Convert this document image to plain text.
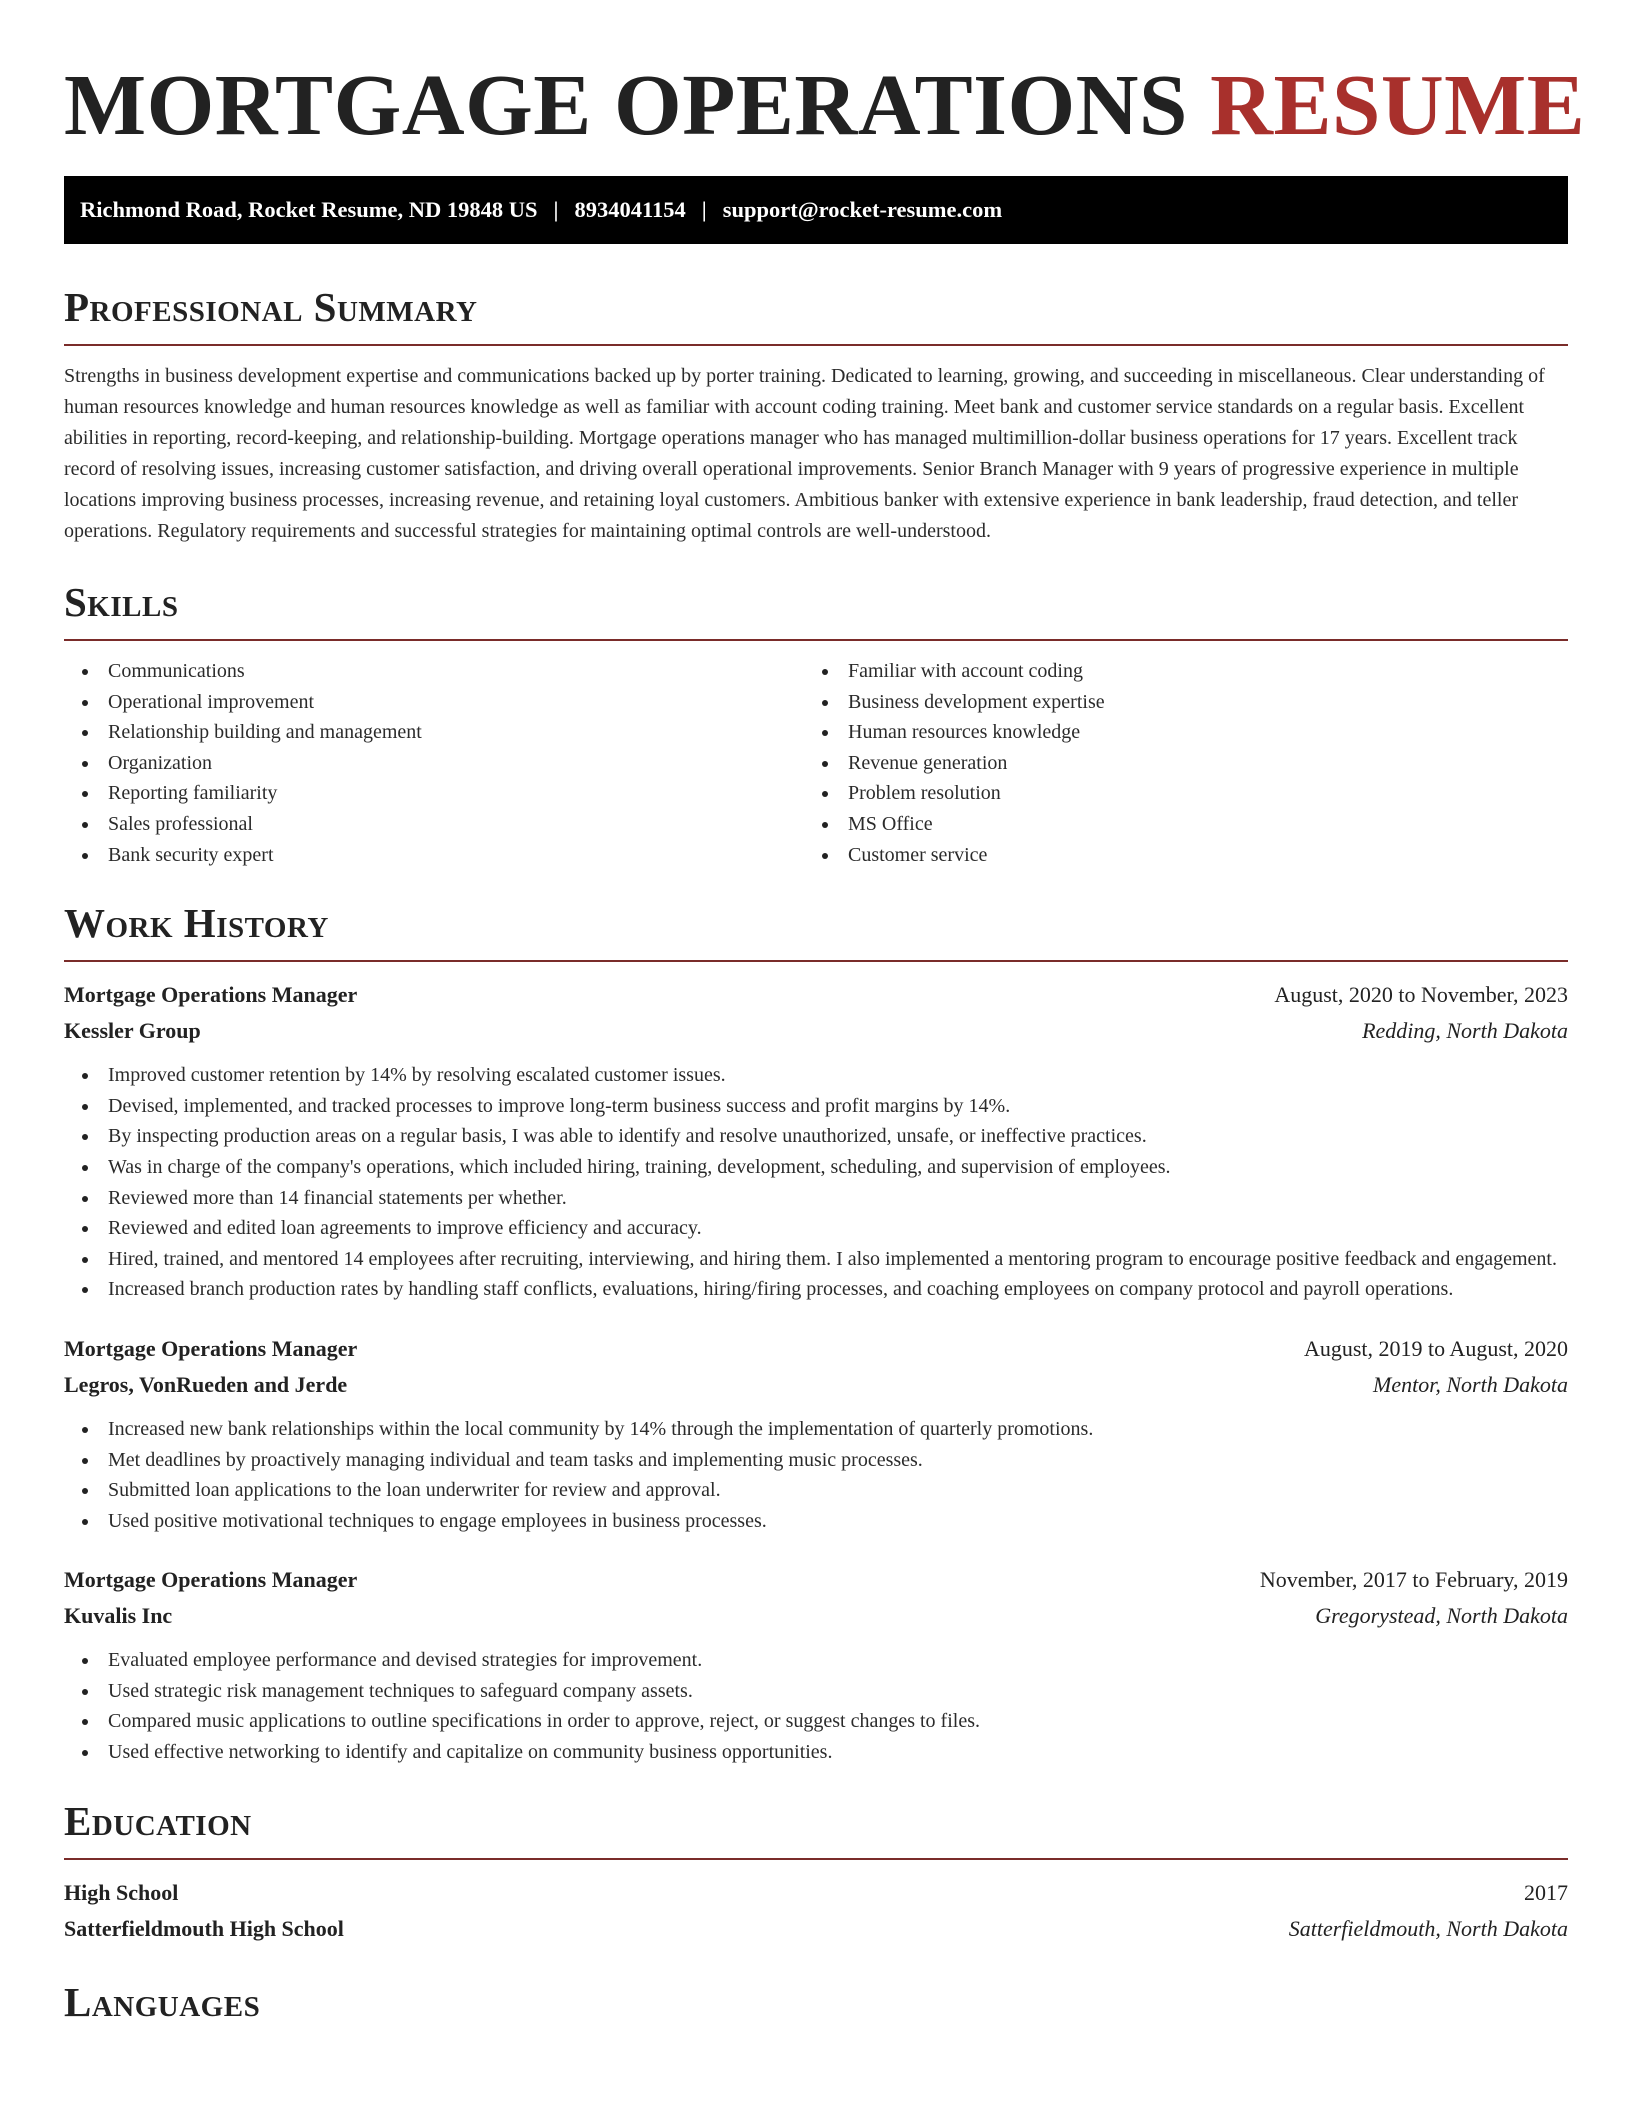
MORTGAGE OPERATIONS RESUME
Richmond Road, Rocket Resume, ND 19848 US | 8934041154 | support@rocket-resume.com
Professional Summary

Strengths in business development expertise and communications backed up by porter training. Dedicated to learning, growing, and succeeding in miscellaneous. Clear understanding of human resources knowledge and human resources knowledge as well as familiar with account coding training. Meet bank and customer service standards on a regular basis. Excellent abilities in reporting, record-keeping, and relationship-building. Mortgage operations manager who has managed multimillion-dollar business operations for 17 years. Excellent track record of resolving issues, increasing customer satisfaction, and driving overall operational improvements. Senior Branch Manager with 9 years of progressive experience in multiple locations improving business processes, increasing revenue, and retaining loyal customers. Ambitious banker with extensive experience in bank leadership, fraud detection, and teller operations. Regulatory requirements and successful strategies for maintaining optimal controls are well-understood.

Skills
Communications
Operational improvement
Relationship building and management
Organization
Reporting familiarity
Sales professional
Bank security expert
Familiar with account coding
Business development expertise
Human resources knowledge
Revenue generation
Problem resolution
MS Office
Customer service
Work History
Mortgage Operations Manager	August, 2020 to November, 2023
Kessler Group	Redding, North Dakota
Improved customer retention by 14% by resolving escalated customer issues.
Devised, implemented, and tracked processes to improve long-term business success and profit margins by 14%.
By inspecting production areas on a regular basis, I was able to identify and resolve unauthorized, unsafe, or ineffective practices.
Was in charge of the company's operations, which included hiring, training, development, scheduling, and supervision of employees.
Reviewed more than 14 financial statements per whether.
Reviewed and edited loan agreements to improve efficiency and accuracy.
Hired, trained, and mentored 14 employees after recruiting, interviewing, and hiring them. I also implemented a mentoring program to encourage positive feedback and engagement.
Increased branch production rates by handling staff conflicts, evaluations, hiring/firing processes, and coaching employees on company protocol and payroll operations.
Mortgage Operations Manager	August, 2019 to August, 2020
Legros, VonRueden and Jerde	Mentor, North Dakota
Increased new bank relationships within the local community by 14% through the implementation of quarterly promotions.
Met deadlines by proactively managing individual and team tasks and implementing music processes.
Submitted loan applications to the loan underwriter for review and approval.
Used positive motivational techniques to engage employees in business processes.
Mortgage Operations Manager	November, 2017 to February, 2019
Kuvalis Inc	Gregorystead, North Dakota
Evaluated employee performance and devised strategies for improvement.
Used strategic risk management techniques to safeguard company assets.
Compared music applications to outline specifications in order to approve, reject, or suggest changes to files.
Used effective networking to identify and capitalize on community business opportunities.
Education
High School	2017
Satterfieldmouth High School	Satterfieldmouth, North Dakota
Languages
